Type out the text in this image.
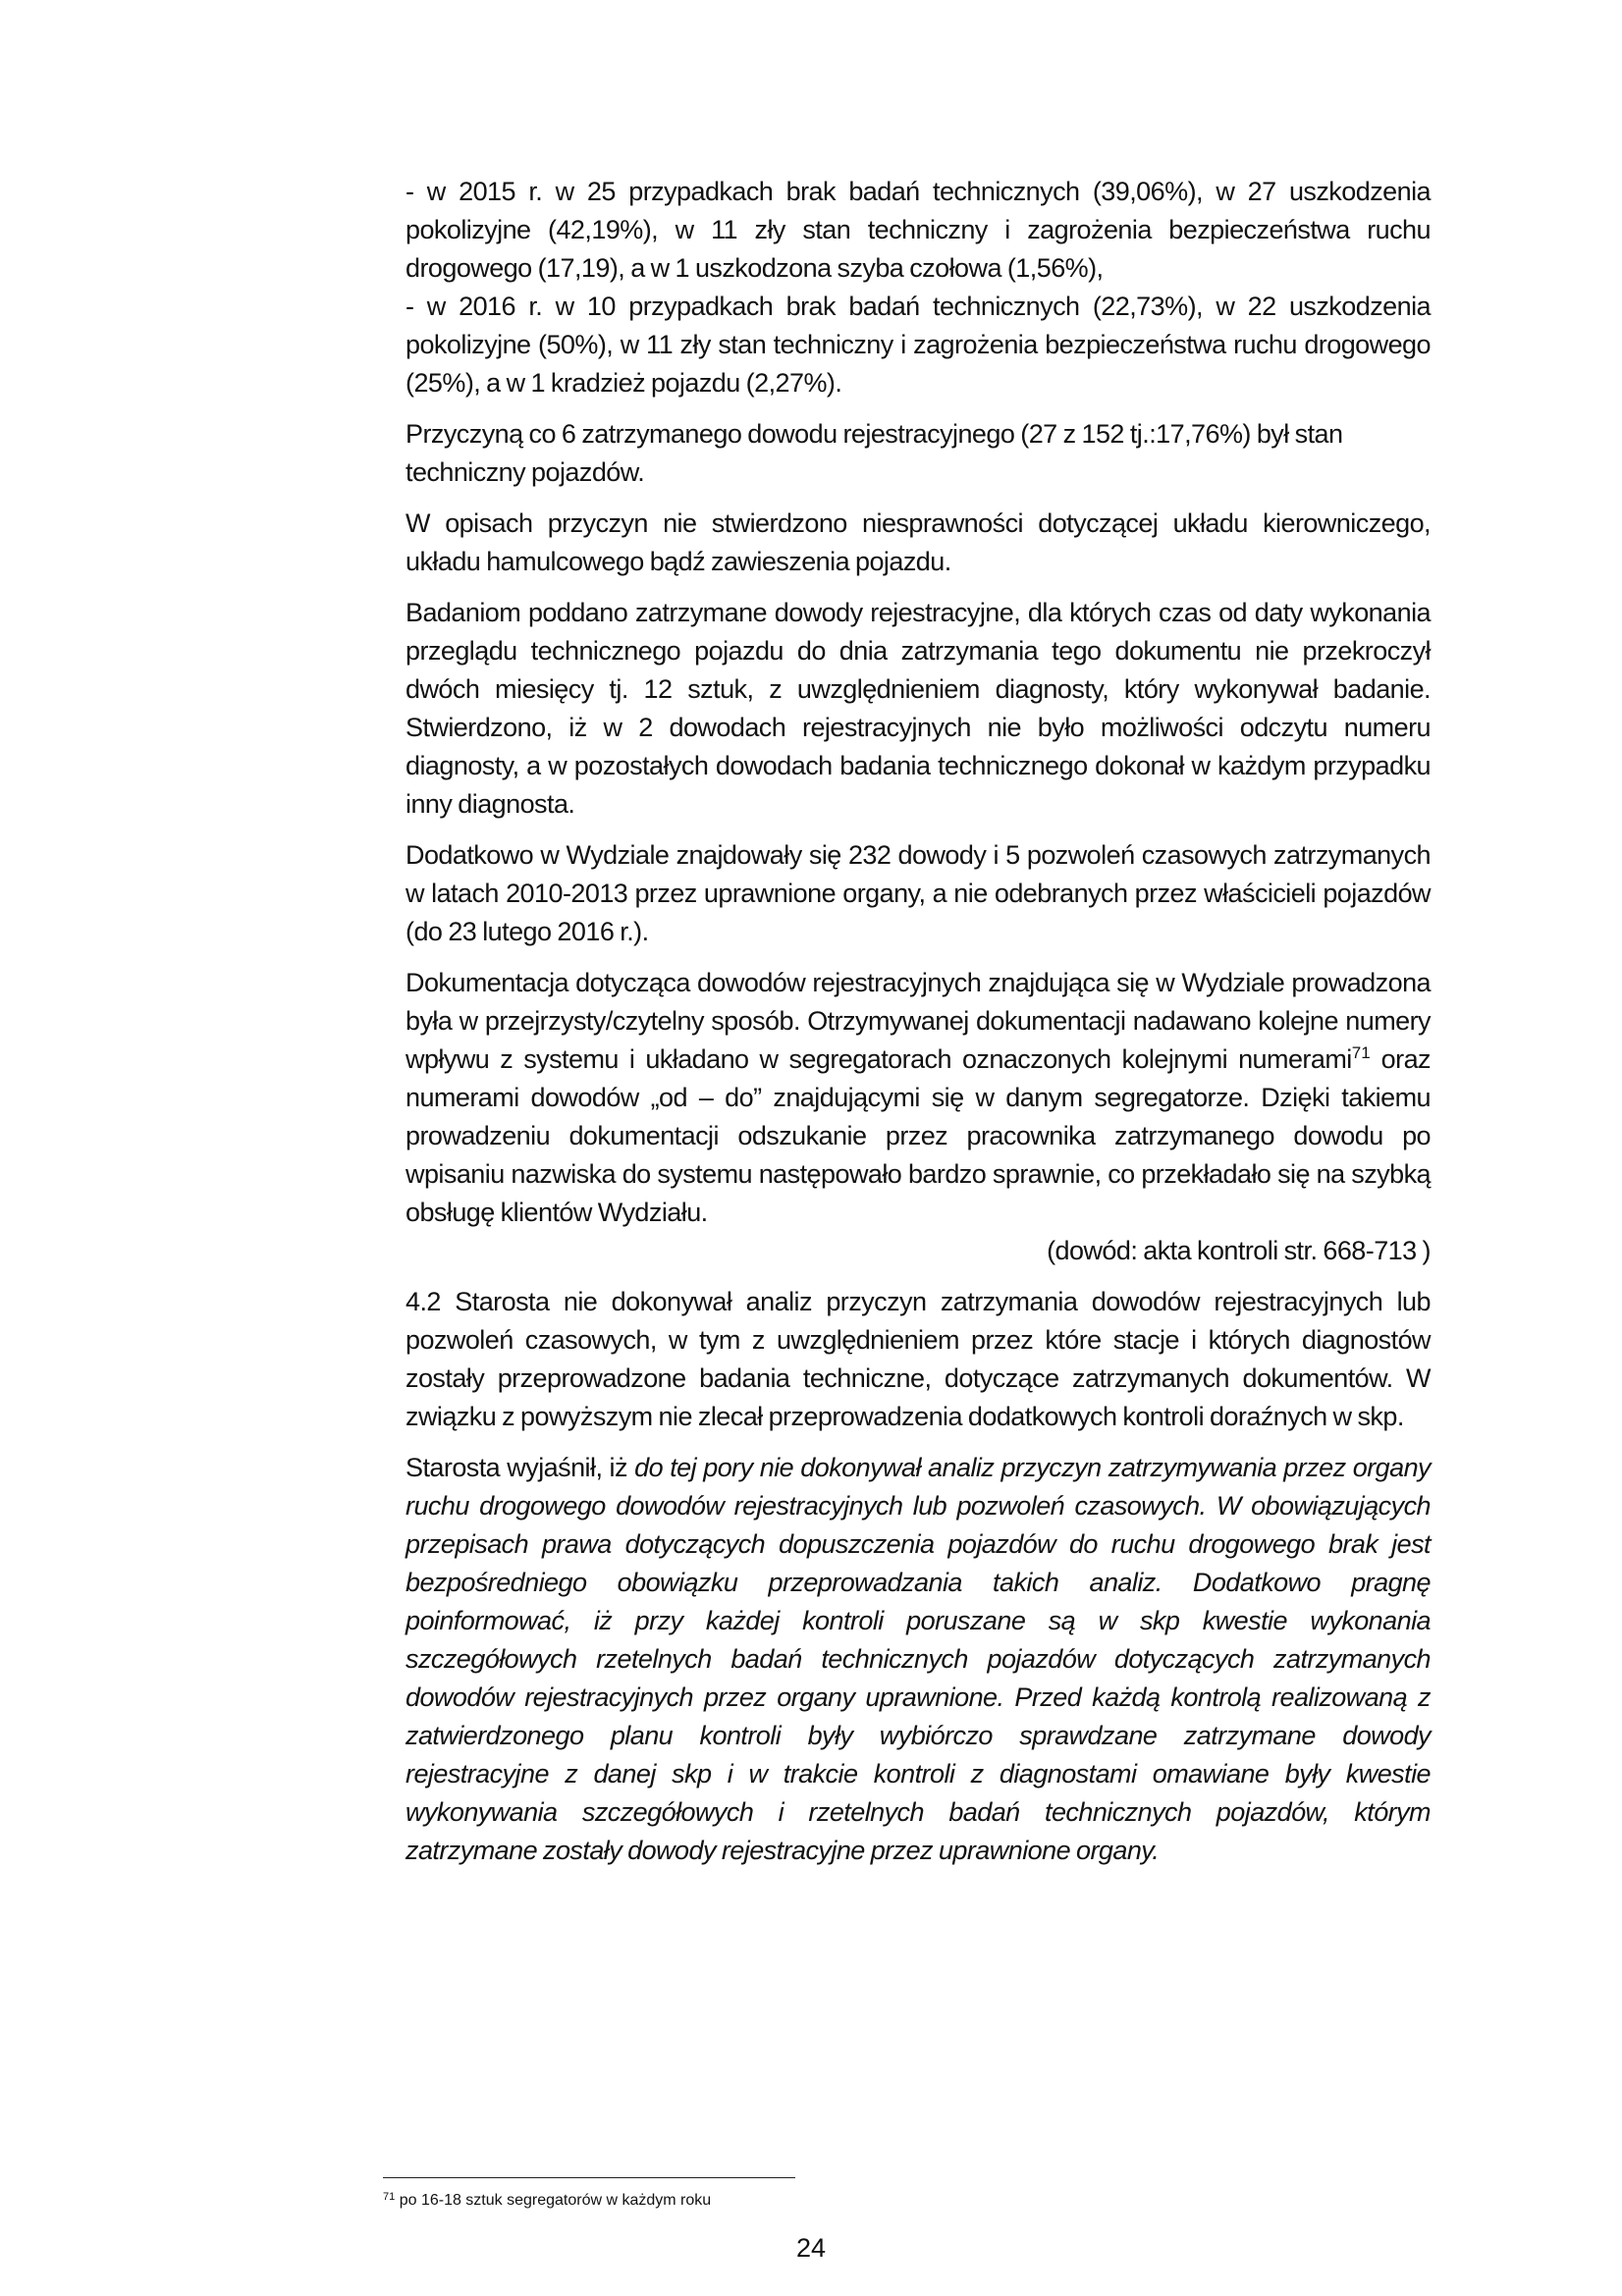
- w 2015 r. w 25 przypadkach brak badań technicznych (39,06%), w 27 uszkodzenia pokolizyjne (42,19%), w 11 zły stan techniczny i zagrożenia bezpieczeństwa ruchu drogowego (17,19), a w 1 uszkodzona szyba czołowa (1,56%),

- w 2016 r. w 10 przypadkach brak badań technicznych (22,73%), w 22 uszkodzenia pokolizyjne (50%), w 11 zły stan techniczny i zagrożenia bezpieczeństwa ruchu drogowego (25%), a w 1 kradzież pojazdu (2,27%).

Przyczyną co 6 zatrzymanego dowodu rejestracyjnego (27 z 152 tj.:17,76%) był stan techniczny pojazdów.

W opisach przyczyn nie stwierdzono niesprawności dotyczącej układu kierowniczego, układu hamulcowego bądź zawieszenia pojazdu.

Badaniom poddano zatrzymane dowody rejestracyjne, dla których czas od daty wykonania przeglądu technicznego pojazdu do dnia zatrzymania tego dokumentu nie przekroczył dwóch miesięcy tj. 12 sztuk, z uwzględnieniem diagnosty, który wykonywał badanie. Stwierdzono, iż w 2 dowodach rejestracyjnych nie było możliwości odczytu numeru diagnosty, a w pozostałych dowodach badania technicznego dokonał w każdym przypadku inny diagnosta.

Dodatkowo w Wydziale znajdowały się 232 dowody i 5 pozwoleń czasowych zatrzymanych w latach 2010-2013 przez uprawnione organy, a nie odebranych przez właścicieli pojazdów (do 23 lutego 2016 r.).

Dokumentacja dotycząca dowodów rejestracyjnych znajdująca się w Wydziale prowadzona była w przejrzysty/czytelny sposób. Otrzymywanej dokumentacji nadawano kolejne numery wpływu z systemu i układano w segregatorach oznaczonych kolejnymi numerami$^{71}$ oraz numerami dowodów „od – do” znajdującymi się w danym segregatorze. Dzięki takiemu prowadzeniu dokumentacji odszukanie przez pracownika zatrzymanego dowodu po wpisaniu nazwiska do systemu następowało bardzo sprawnie, co przekładało się na szybką obsługę klientów Wydziału.

(dowód: akta kontroli str. 668-713 )

4.2 Starosta nie dokonywał analiz przyczyn zatrzymania dowodów rejestracyjnych lub pozwoleń czasowych, w tym z uwzględnieniem przez które stacje i których diagnostów zostały przeprowadzone badania techniczne, dotyczące zatrzymanych dokumentów. W związku z powyższym nie zlecał przeprowadzenia dodatkowych kontroli doraźnych w skp.

Starosta wyjaśnił, iż do tej pory nie dokonywał analiz przyczyn zatrzymywania przez organy ruchu drogowego dowodów rejestracyjnych lub pozwoleń czasowych. W obowiązujących przepisach prawa dotyczących dopuszczenia pojazdów do ruchu drogowego brak jest bezpośredniego obowiązku przeprowadzania takich analiz. Dodatkowo pragnę poinformować, iż przy każdej kontroli poruszane są w skp kwestie wykonania szczegółowych rzetelnych badań technicznych pojazdów dotyczących zatrzymanych dowodów rejestracyjnych przez organy uprawnione. Przed każdą kontrolą realizowaną z zatwierdzonego planu kontroli były wybiórczo sprawdzane zatrzymane dowody rejestracyjne z danej skp i w trakcie kontroli z diagnostami omawiane były kwestie wykonywania szczegółowych i rzetelnych badań technicznych pojazdów, którym zatrzymane zostały dowody rejestracyjne przez uprawnione organy.

$^{71}$ po 16-18 sztuk segregatorów w każdym roku
24
